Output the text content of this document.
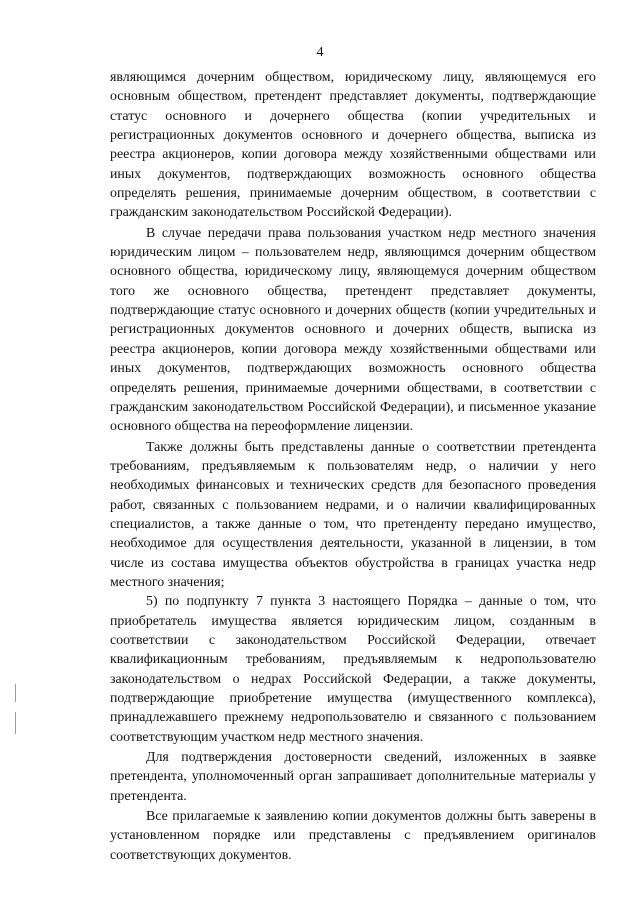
4

являющимся дочерним обществом, юридическому лицу, являющемуся его основным обществом, претендент представляет документы, подтверждающие статус основного и дочернего общества (копии учредительных и регистрационных документов основного и дочернего общества, выписка из реестра акционеров, копии договора между хозяйственными обществами или иных документов, подтверждающих возможность основного общества определять решения, принимаемые дочерним обществом, в соответствии с гражданским законодательством Российской Федерации).

В случае передачи права пользования участком недр местного значения юридическим лицом – пользователем недр, являющимся дочерним обществом основного общества, юридическому лицу, являющемуся дочерним обществом того же основного общества, претендент представляет документы, подтверждающие статус основного и дочерних обществ (копии учредительных и регистрационных документов основного и дочерних обществ, выписка из реестра акционеров, копии договора между хозяйственными обществами или иных документов, подтверждающих возможность основного общества определять решения, принимаемые дочерними обществами, в соответствии с гражданским законодательством Российской Федерации), и письменное указание основного общества на переоформление лицензии.

Также должны быть представлены данные о соответствии претендента требованиям, предъявляемым к пользователям недр, о наличии у него необходимых финансовых и технических средств для безопасного проведения работ, связанных с пользованием недрами, и о наличии квалифицированных специалистов, а также данные о том, что претенденту передано имущество, необходимое для осуществления деятельности, указанной в лицензии, в том числе из состава имущества объектов обустройства в границах участка недр местного значения;

5) по подпункту 7 пункта 3 настоящего Порядка – данные о том, что приобретатель имущества является юридическим лицом, созданным в соответствии с законодательством Российской Федерации, отвечает квалификационным требованиям, предъявляемым к недропользователю законодательством о недрах Российской Федерации, а также документы, подтверждающие приобретение имущества (имущественного комплекса), принадлежавшего прежнему недропользователю и связанного с пользованием соответствующим участком недр местного значения.

Для подтверждения достоверности сведений, изложенных в заявке претендента, уполномоченный орган запрашивает дополнительные материалы у претендента.

Все прилагаемые к заявлению копии документов должны быть заверены в установленном порядке или представлены с предъявлением оригиналов соответствующих документов.
